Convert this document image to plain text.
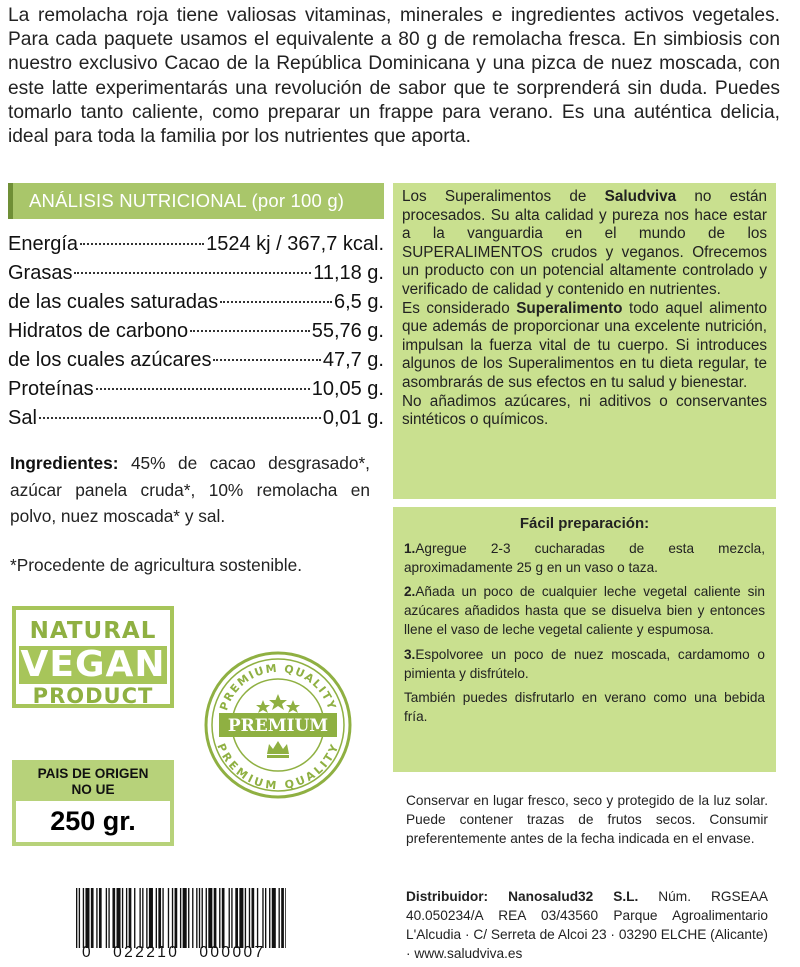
La remolacha roja tiene valiosas vitaminas, minerales e ingredientes activos vegetales. Para cada paquete usamos el equivalente a 80 g de remolacha fresca. En simbiosis con nuestro exclusivo Cacao de la República Dominicana y una pizca de nuez moscada, con este latte experimentarás una revolución de sabor que te sorprenderá sin duda. Puedes tomarlo tanto caliente, como preparar un frappe para verano. Es una auténtica delicia, ideal para toda la familia por los nutrientes que aporta.
ANÁLISIS NUTRICIONAL (por 100 g)
Energía	1524 kj / 367,7 kcal.
Grasas	11,18 g.
de las cuales saturadas	6,5 g.
Hidratos de carbono	55,76 g.
de los cuales azúcares	47,7 g.
Proteínas	10,05 g.
Sal	0,01 g.
Ingredientes: 45% de cacao desgrasado*, azúcar panela cruda*, 10% remolacha en polvo, nuez moscada* y sal.
*Procedente de agricultura sostenible.

Los Superalimentos de Saludviva no están procesados. Su alta calidad y pureza nos hace estar a la vanguardia en el mundo de los SUPERALIMENTOS crudos y veganos. Ofrecemos un producto con un potencial altamente controlado y verificado de calidad y contenido en nutrientes.

Es considerado Superalimento todo aquel alimento que además de proporcionar una excelente nutrición, impulsan la fuerza vital de tu cuerpo. Si introduces algunos de los Superalimentos en tu dieta regular, te asombrarás de sus efectos en tu salud y bienestar.

No añadimos azúcares, ni aditivos o conservantes sintéticos o químicos.

Fácil preparación:

1.Agregue 2-3 cucharadas de esta mezcla, aproximadamente 25 g en un vaso o taza.

2.Añada un poco de cualquier leche vegetal caliente sin azúcares añadidos hasta que se disuelva bien y entonces llene el vaso de leche vegetal caliente y espumosa.

3.Espolvoree un poco de nuez moscada, cardamomo o pimienta y disfrútelo.

También puedes disfrutarlo en verano como una bebida fría.

NATURAL
VEGAN
PRODUCT
PAIS DE ORIGEN
NO UE
250 gr.
PREMIUM QUALITY
PREMIUM QUALITY
PREMIUM
Conservar en lugar fresco, seco y protegido de la luz solar. Puede contener trazas de frutos secos. Consumir preferentemente antes de la fecha indicada en el envase.
Distribuidor: Nanosalud32 S.L. Núm. RGSEAA 40.050234/A REA 03/43560 Parque Agroalimentario L'Alcudia · C/ Serreta de Alcoi 23 · 03290 ELCHE (Alicante) · www.saludviva.es
0   022210   000007
